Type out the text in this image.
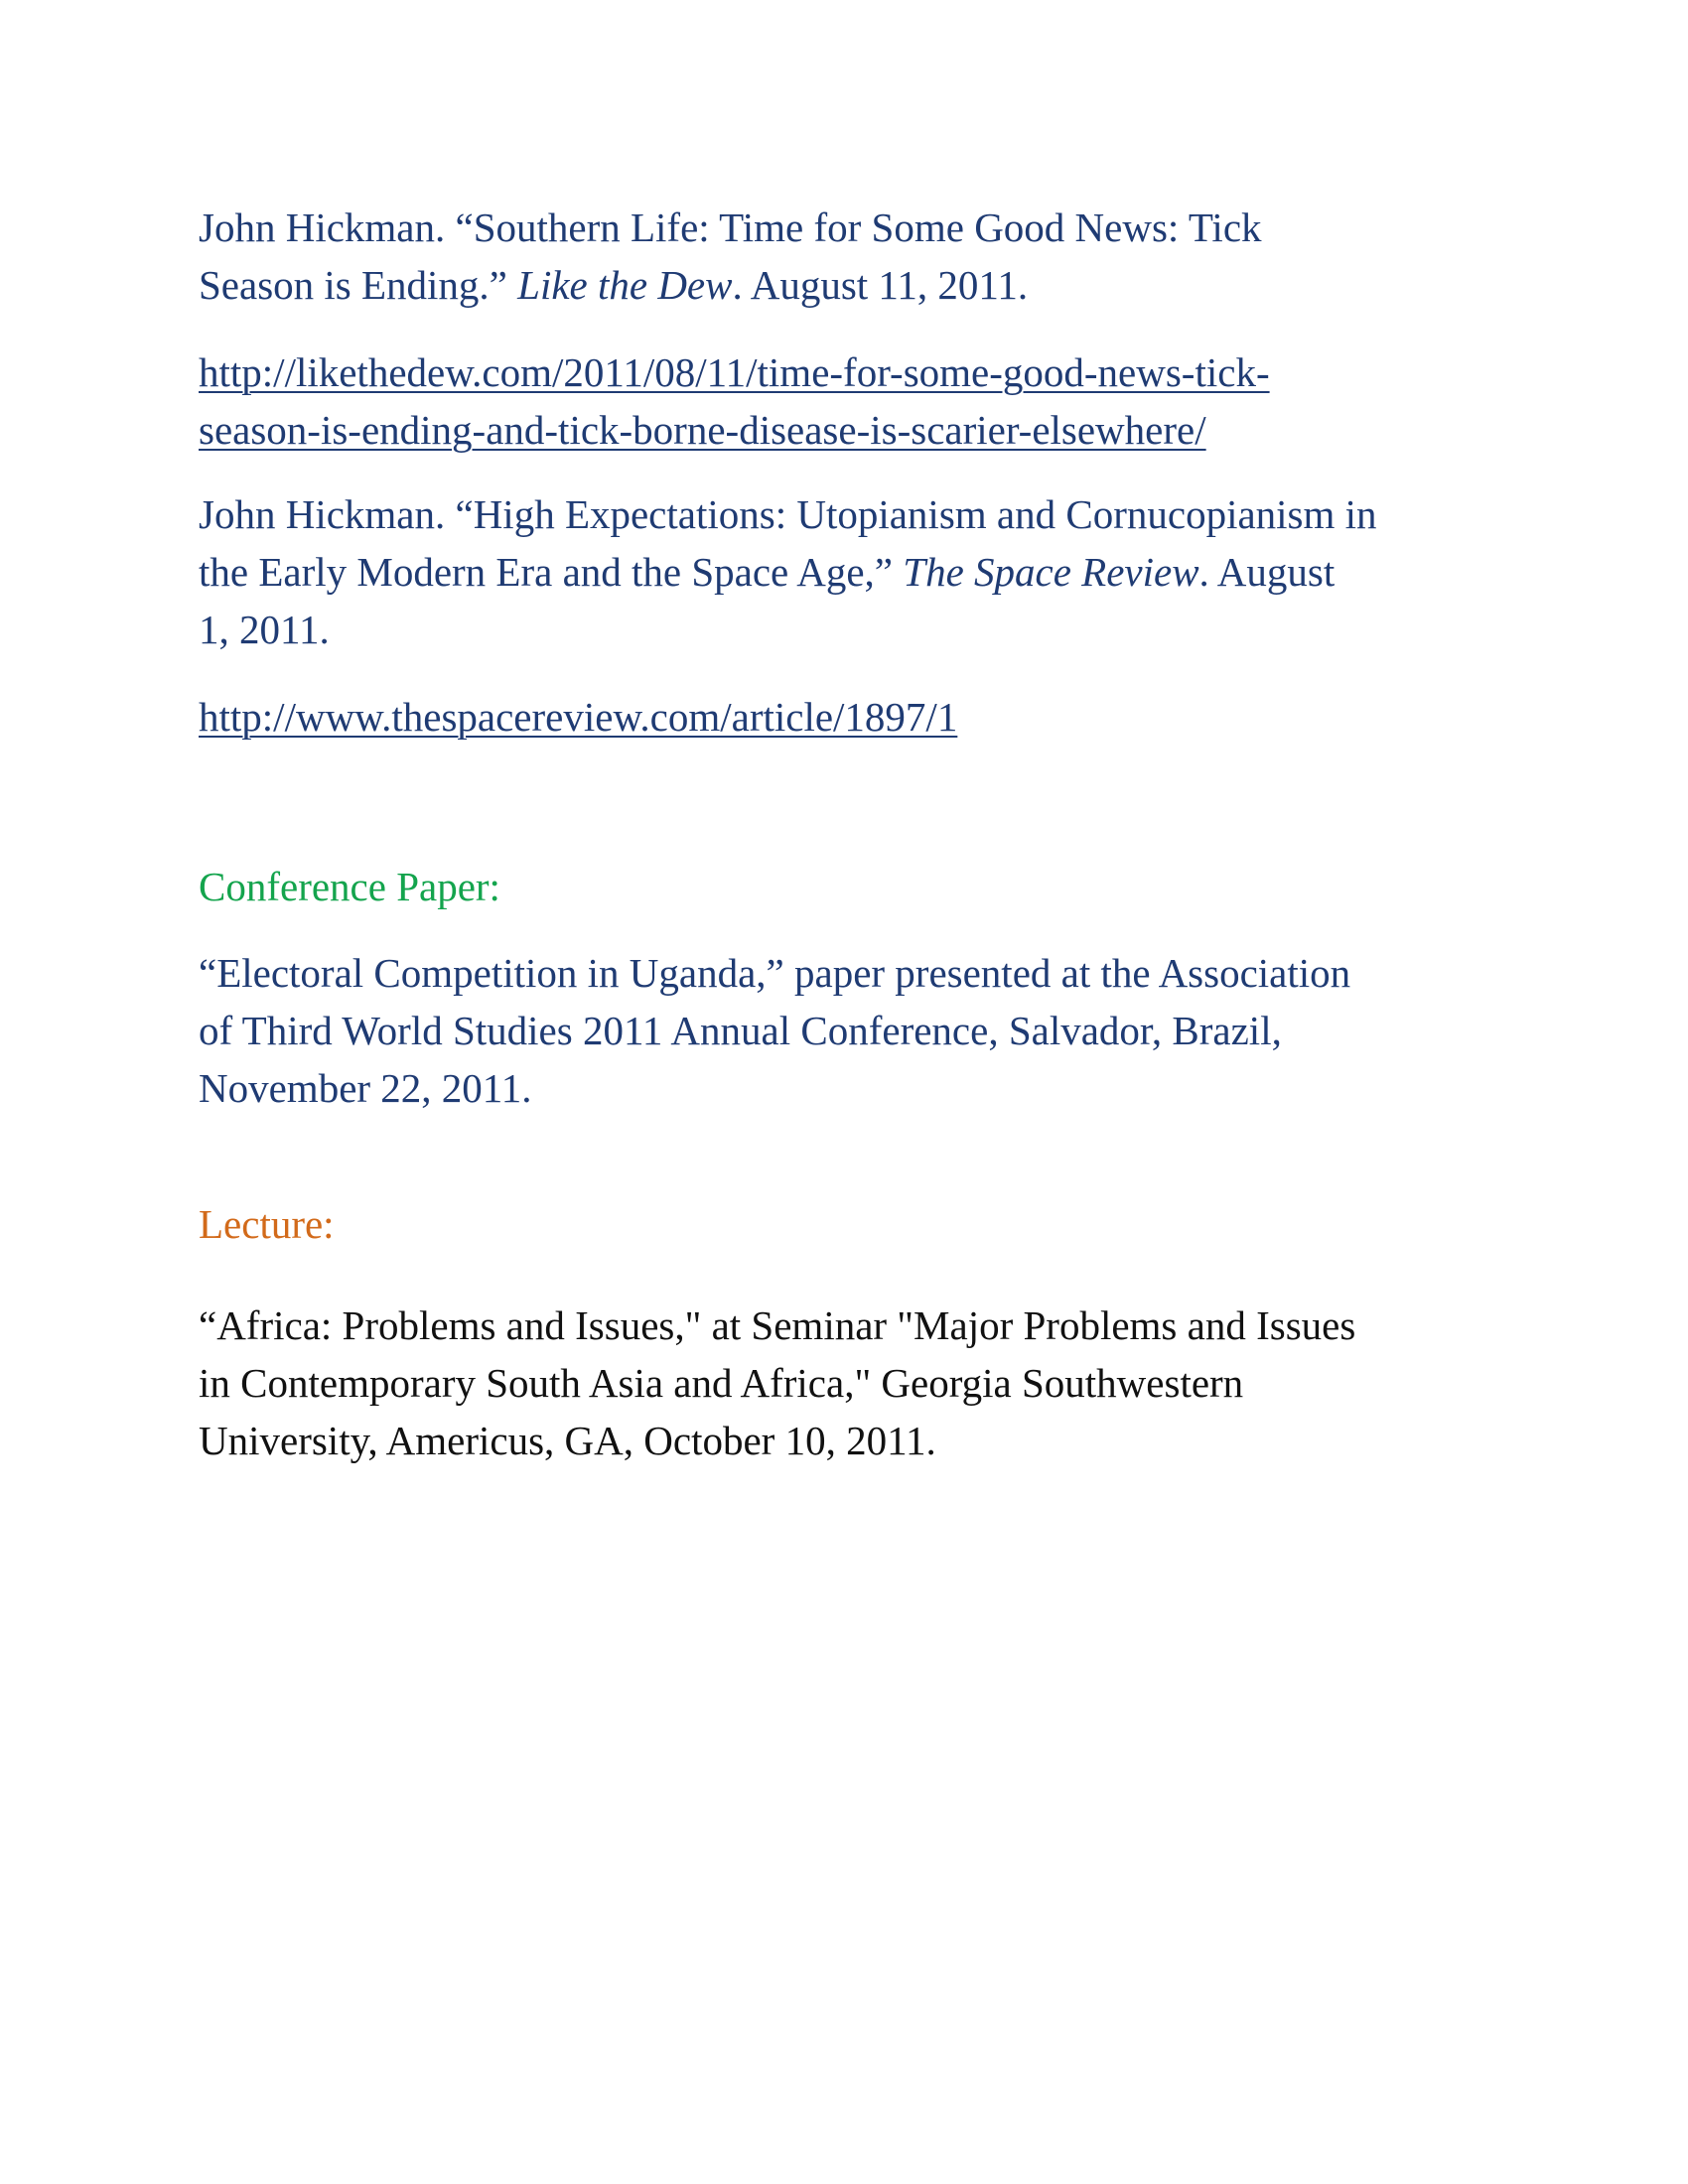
John Hickman. “Southern Life: Time for Some Good News: Tick
Season is Ending.” Like the Dew. August 11, 2011.

http://likethedew.com/2011/08/11/time-for-some-good-news-tick-
season-is-ending-and-tick-borne-disease-is-scarier-elsewhere/

John Hickman. “High Expectations: Utopianism and Cornucopianism in
the Early Modern Era and the Space Age,” The Space Review. August
1, 2011.

http://www.thespacereview.com/article/1897/1

Conference Paper:

“Electoral Competition in Uganda,” paper presented at the Association
of Third World Studies 2011 Annual Conference, Salvador, Brazil,
November 22, 2011.

Lecture:

“Africa: Problems and Issues," at Seminar "Major Problems and Issues
in Contemporary South Asia and Africa," Georgia Southwestern
University, Americus, GA, October 10, 2011.
